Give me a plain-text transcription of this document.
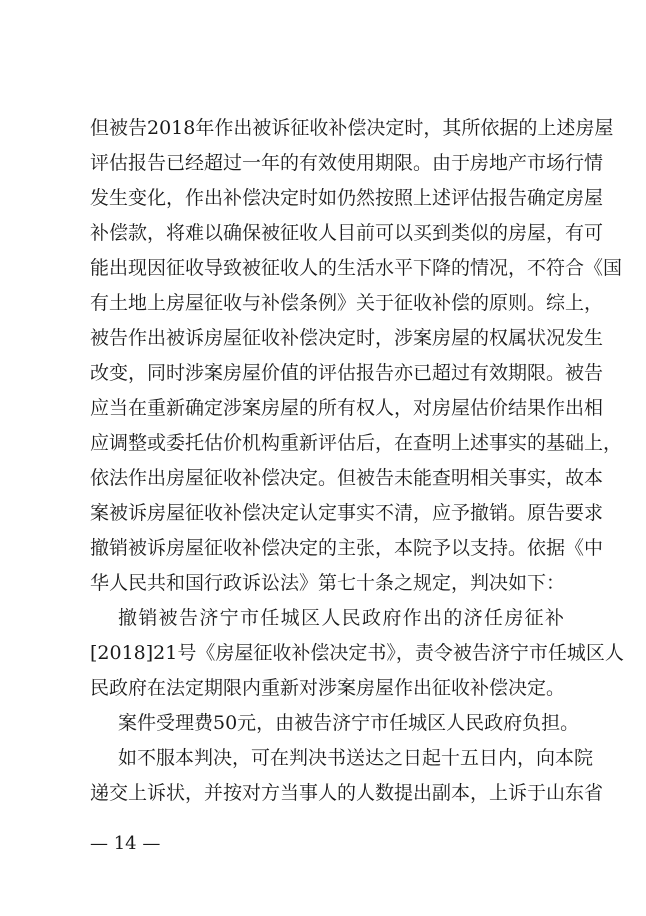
但被告2018年作出被诉征收补偿决定时，其所依据的上述房屋
评估报告已经超过一年的有效使用期限。由于房地产市场行情
发生变化，作出补偿决定时如仍然按照上述评估报告确定房屋
补偿款，将难以确保被征收人目前可以买到类似的房屋，有可
能出现因征收导致被征收人的生活水平下降的情况，不符合《国
有土地上房屋征收与补偿条例》关于征收补偿的原则。综上，
被告作出被诉房屋征收补偿决定时，涉案房屋的权属状况发生
改变，同时涉案房屋价值的评估报告亦已超过有效期限。被告
应当在重新确定涉案房屋的所有权人，对房屋估价结果作出相
应调整或委托估价机构重新评估后，在查明上述事实的基础上，
依法作出房屋征收补偿决定。但被告未能查明相关事实，故本
案被诉房屋征收补偿决定认定事实不清，应予撤销。原告要求
撤销被诉房屋征收补偿决定的主张，本院予以支持。依据《中
华人民共和国行政诉讼法》第七十条之规定，判决如下：
撤销被告济宁市任城区人民政府作出的济任房征补
[2018]21号《房屋征收补偿决定书》，责令被告济宁市任城区人
民政府在法定期限内重新对涉案房屋作出征收补偿决定。
案件受理费50元，由被告济宁市任城区人民政府负担。
如不服本判决，可在判决书送达之日起十五日内，向本院
递交上诉状，并按对方当事人的人数提出副本，上诉于山东省
— 14 —
